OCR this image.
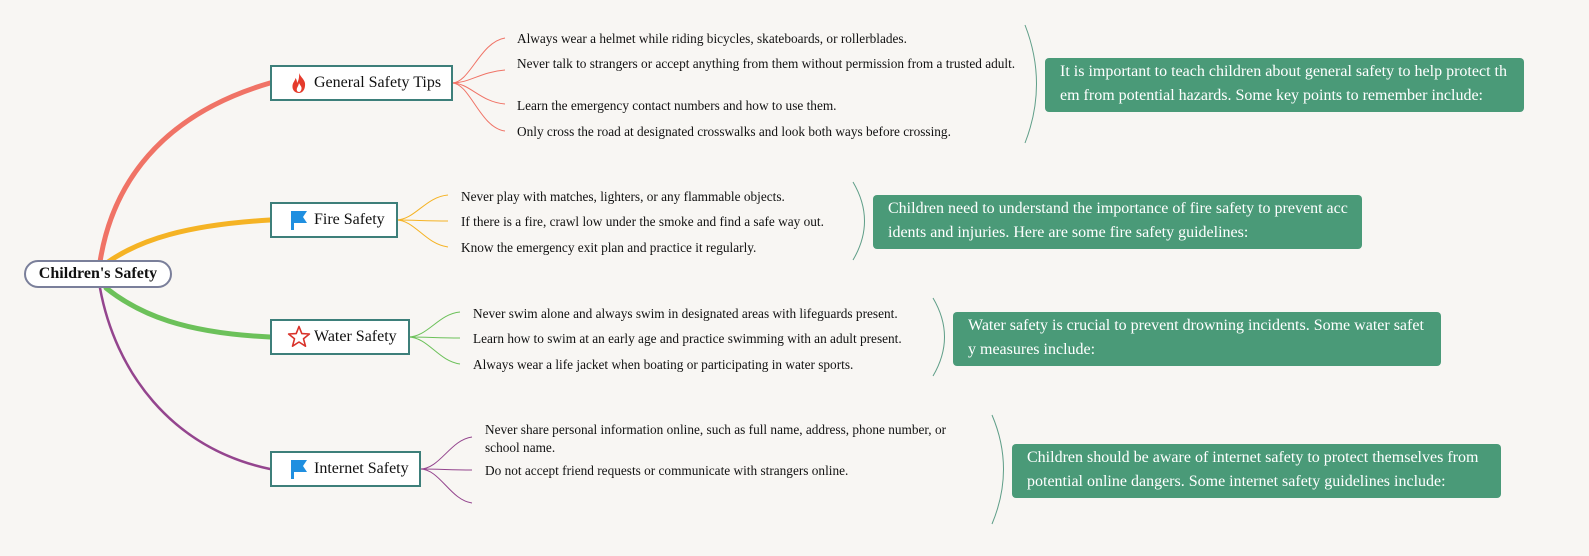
Children's Safety
General Safety Tips
Fire Safety
Water Safety
Internet Safety
Always wear a helmet while riding bicycles, skateboards, or rollerblades.
Never talk to strangers or accept anything from them without permission from a trusted adult.
Learn the emergency contact numbers and how to use them.
Only cross the road at designated crosswalks and look both ways before crossing.
Never play with matches, lighters, or any flammable objects.
If there is a fire, crawl low under the smoke and find a safe way out.
Know the emergency exit plan and practice it regularly.
Never swim alone and always swim in designated areas with lifeguards present.
Learn how to swim at an early age and practice swimming with an adult present.
Always wear a life jacket when boating or participating in water sports.
Never share personal information online, such as full name, address, phone number, or school name.
Do not accept friend requests or communicate with strangers online.
It is important to teach children about general safety to help protect them from potential hazards. Some key points to remember include:
Children need to understand the importance of fire safety to prevent accidents and injuries. Here are some fire safety guidelines:
Water safety is crucial to prevent drowning incidents. Some water safety measures include:
Children should be aware of internet safety to protect themselves from potential online dangers. Some internet safety guidelines include:
